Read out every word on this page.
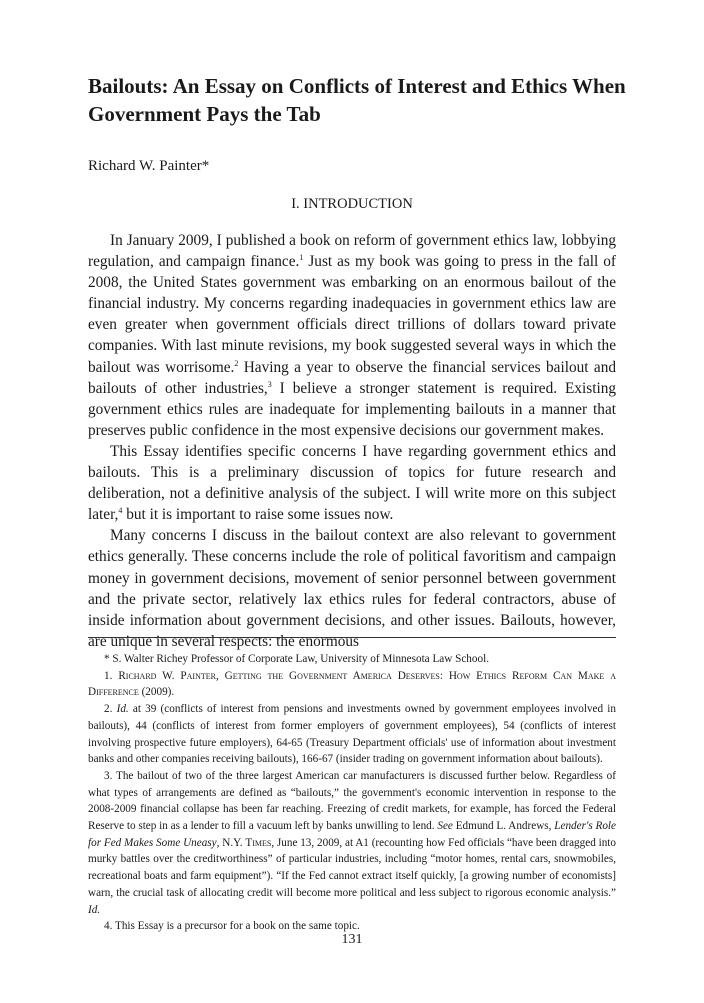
Bailouts: An Essay on Conflicts of Interest and Ethics When Government Pays the Tab
Richard W. Painter*
I. INTRODUCTION

In January 2009, I published a book on reform of government ethics law, lobbying regulation, and campaign finance.$^1$ Just as my book was going to press in the fall of 2008, the United States government was embarking on an enormous bailout of the financial industry. My concerns regarding inadequacies in government ethics law are even greater when government officials direct trillions of dollars toward private companies. With last minute revisions, my book suggested several ways in which the bailout was worrisome.$^2$ Having a year to observe the financial services bailout and bailouts of other industries,$^3$ I believe a stronger statement is required. Existing government ethics rules are inadequate for implementing bailouts in a manner that preserves public confidence in the most expensive decisions our government makes.

This Essay identifies specific concerns I have regarding government ethics and bailouts. This is a preliminary discussion of topics for future research and deliberation, not a definitive analysis of the subject. I will write more on this subject later,$^4$ but it is important to raise some issues now.

Many concerns I discuss in the bailout context are also relevant to government ethics generally. These concerns include the role of political favoritism and campaign money in government decisions, movement of senior personnel between government and the private sector, relatively lax ethics rules for federal contractors, abuse of inside information about government decisions, and other issues. Bailouts, however, are unique in several respects: the enormous

* S. Walter Richey Professor of Corporate Law, University of Minnesota Law School.

1. Richard W. Painter, Getting the Government America Deserves: How Ethics Reform Can Make a Difference (2009).

2. Id. at 39 (conflicts of interest from pensions and investments owned by government employees involved in bailouts), 44 (conflicts of interest from former employers of government employees), 54 (conflicts of interest involving prospective future employers), 64-65 (Treasury Department officials' use of information about investment banks and other companies receiving bailouts), 166-67 (insider trading on government information about bailouts).

3. The bailout of two of the three largest American car manufacturers is discussed further below. Regardless of what types of arrangements are defined as “bailouts,” the government's economic intervention in response to the 2008-2009 financial collapse has been far reaching. Freezing of credit markets, for example, has forced the Federal Reserve to step in as a lender to fill a vacuum left by banks unwilling to lend. See Edmund L. Andrews, Lender's Role for Fed Makes Some Uneasy, N.Y. Times, June 13, 2009, at A1 (recounting how Fed officials “have been dragged into murky battles over the creditworthiness” of particular industries, including “motor homes, rental cars, snowmobiles, recreational boats and farm equipment”). “If the Fed cannot extract itself quickly, [a growing number of economists] warn, the crucial task of allocating credit will become more political and less subject to rigorous economic analysis.” Id.

4. This Essay is a precursor for a book on the same topic.

131
